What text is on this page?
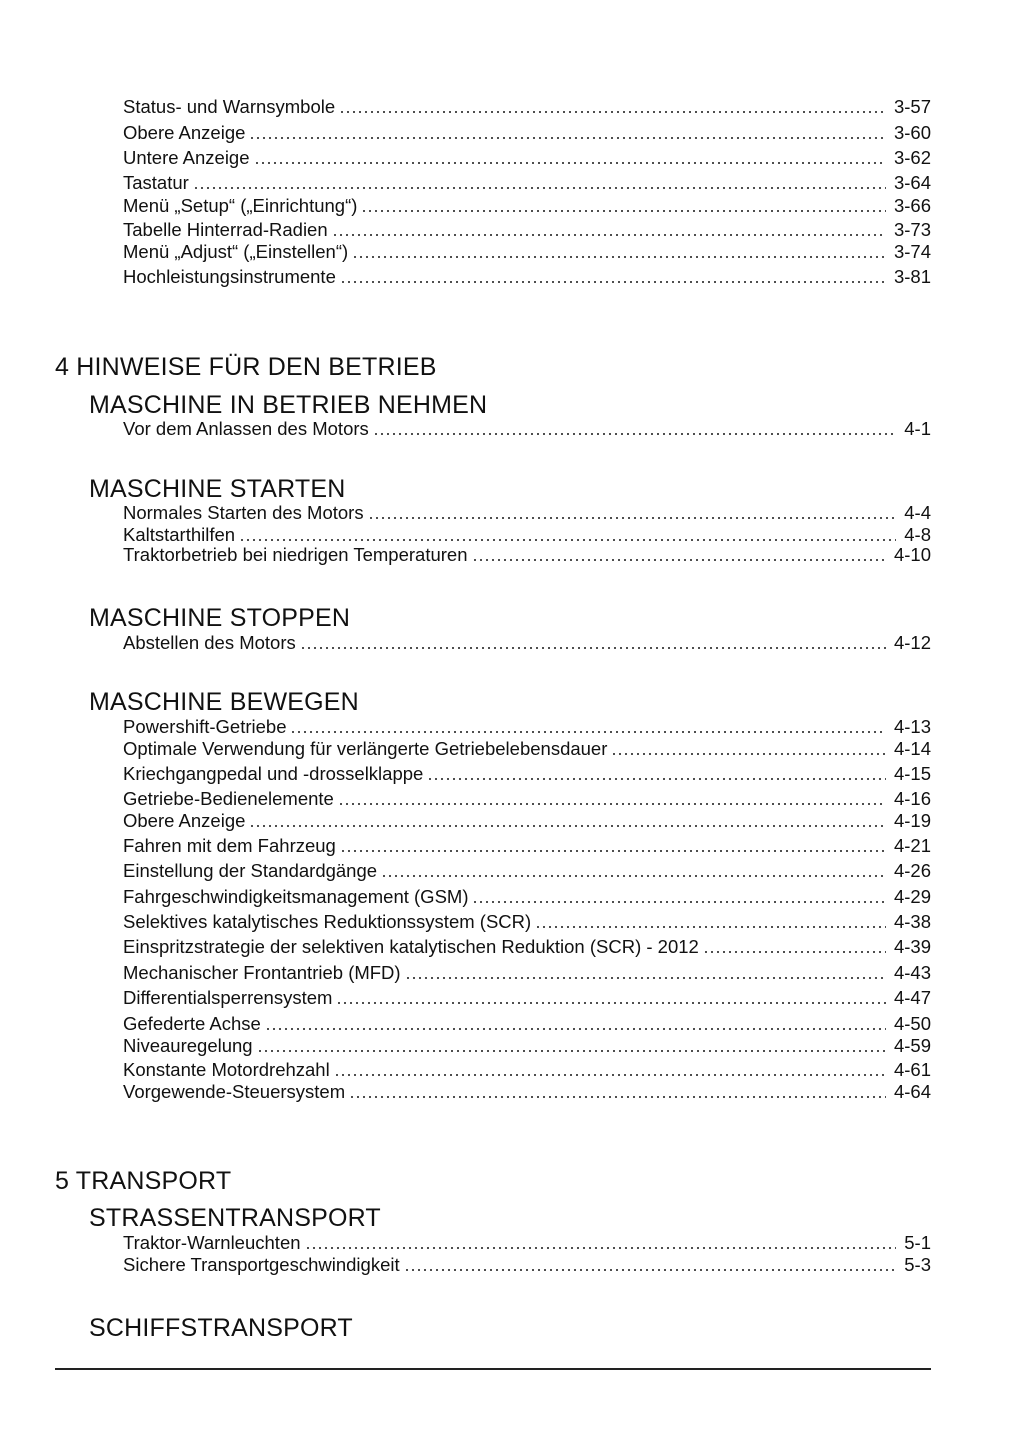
Status- und Warnsymbole	3-57
Obere Anzeige	3-60
Untere Anzeige	3-62
Tastatur	3-64
Menü „Setup“ („Einrichtung“)	3-66
Tabelle Hinterrad-Radien	3-73
Menü „Adjust“ („Einstellen“)	3-74
Hochleistungsinstrumente	3-81
4 HINWEISE FÜR DEN BETRIEB
MASCHINE IN BETRIEB NEHMEN
Vor dem Anlassen des Motors	4-1
MASCHINE STARTEN
Normales Starten des Motors	4-4
Kaltstarthilfen	4-8
Traktorbetrieb bei niedrigen Temperaturen	4-10
MASCHINE STOPPEN
Abstellen des Motors	4-12
MASCHINE BEWEGEN
Powershift-Getriebe	4-13
Optimale Verwendung für verlängerte Getriebelebensdauer	4-14
Kriechgangpedal und -drosselklappe	4-15
Getriebe-Bedienelemente	4-16
Obere Anzeige	4-19
Fahren mit dem Fahrzeug	4-21
Einstellung der Standardgänge	4-26
Fahrgeschwindigkeitsmanagement (GSM)	4-29
Selektives katalytisches Reduktionssystem (SCR)	4-38
Einspritzstrategie der selektiven katalytischen Reduktion (SCR) - 2012	4-39
Mechanischer Frontantrieb (MFD)	4-43
Differentialsperrensystem	4-47
Gefederte Achse	4-50
Niveauregelung	4-59
Konstante Motordrehzahl	4-61
Vorgewende-Steuersystem	4-64
5 TRANSPORT
STRASSENTRANSPORT
Traktor-Warnleuchten	5-1
Sichere Transportgeschwindigkeit	5-3
SCHIFFSTRANSPORT
